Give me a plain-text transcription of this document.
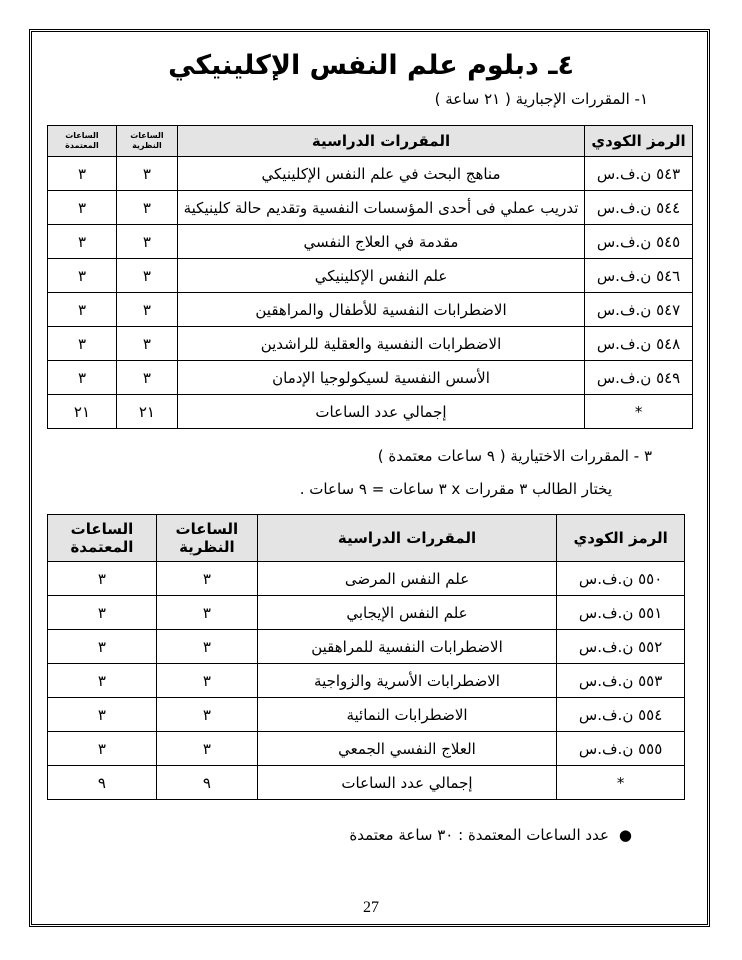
٤ـ دبلوم علم النفس الإكلينيكي
١- المقررات الإجبارية ( ٢١ ساعة )
الرمز الكودي	المقررات الدراسية	الساعات النظرية	الساعات المعتمدة
٥٤٣ ن.ف.س	مناهج البحث في علم النفس الإكلينيكي	٣	٣
٥٤٤ ن.ف.س	تدريب عملي فى أحدى المؤسسات النفسية وتقديم حالة كلينيكية	٣	٣
٥٤٥ ن.ف.س	مقدمة في العلاج النفسي	٣	٣
٥٤٦ ن.ف.س	علم النفس الإكلينيكي	٣	٣
٥٤٧ ن.ف.س	الاضطرابات النفسية للأطفال والمراهقين	٣	٣
٥٤٨ ن.ف.س	الاضطرابات النفسية والعقلية للراشدين	٣	٣
٥٤٩ ن.ف.س	الأسس النفسية لسيكولوجيا الإدمان	٣	٣
*	إجمالي عدد الساعات	٢١	٢١
٣ - المقررات الاختيارية ( ٩ ساعات معتمدة )
يختار الطالب ٣ مقررات x ٣ ساعات = ٩ ساعات .
الرمز الكودي	المقررات الدراسية	الساعات النظرية	الساعات المعتمدة
٥٥٠ ن.ف.س	علم النفس المرضى	٣	٣
٥٥١ ن.ف.س	علم النفس الإيجابي	٣	٣
٥٥٢ ن.ف.س	الاضطرابات النفسية للمراهقين	٣	٣
٥٥٣ ن.ف.س	الاضطرابات الأسرية والزواجية	٣	٣
٥٥٤ ن.ف.س	الاضطرابات النمائية	٣	٣
٥٥٥ ن.ف.س	العلاج النفسي الجمعي	٣	٣
*	إجمالي عدد الساعات	٩	٩
●عدد الساعات المعتمدة : ٣٠ ساعة معتمدة
27
